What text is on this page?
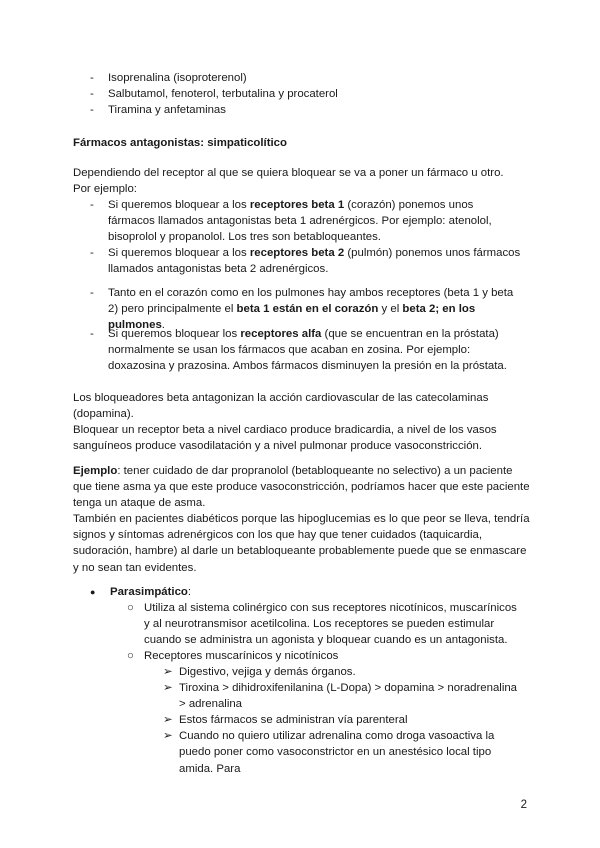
- Isoprenalina (isoproterenol)
- Salbutamol, fenoterol, terbutalina y procaterol
- Tiramina y anfetaminas

Fármacos antagonistas: simpaticolítico

Dependiendo del receptor al que se quiera bloquear se va a poner un fármaco u otro.
Por ejemplo:

- Si queremos bloquear a los receptores beta 1 (corazón) ponemos unos fármacos llamados antagonistas beta 1 adrenérgicos. Por ejemplo: atenolol, bisoprolol y propanolol. Los tres son betabloqueantes.
- Si queremos bloquear a los receptores beta 2 (pulmón) ponemos unos fármacos llamados antagonistas beta 2 adrenérgicos.
- Tanto en el corazón como en los pulmones hay ambos receptores (beta 1 y beta 2) pero principalmente el beta 1 están en el corazón y el beta 2; en los pulmones.
- Si queremos bloquear los receptores alfa (que se encuentran en la próstata) normalmente se usan los fármacos que acaban en zosina. Por ejemplo: doxazosina y prazosina. Ambos fármacos disminuyen la presión en la próstata.

Los bloqueadores beta antagonizan la acción cardiovascular de las catecolaminas (dopamina).
Bloquear un receptor beta a nivel cardiaco produce bradicardia, a nivel de los vasos sanguíneos produce vasodilatación y a nivel pulmonar produce vasoconstricción.

Ejemplo: tener cuidado de dar propranolol (betabloqueante no selectivo) a un paciente que tiene asma ya que este produce vasoconstricción, podríamos hacer que este paciente tenga un ataque de asma.
También en pacientes diabéticos porque las hipoglucemias es lo que peor se lleva, tendría signos y síntomas adrenérgicos con los que hay que tener cuidados (taquicardia, sudoración, hambre) al darle un betabloqueante probablemente puede que se enmascare y no sean tan evidentes.

● Parasimpático:
○ Utiliza al sistema colinérgico con sus receptores nicotínicos, muscarínicos y al neurotransmisor acetilcolina. Los receptores se pueden estimular cuando se administra un agonista y bloquear cuando es un antagonista.
○ Receptores muscarínicos y nicotínicos
➢ Digestivo, vejiga y demás órganos.
➢ Tiroxina > dihidroxifenilanina (L-Dopa) > dopamina > noradrenalina > adrenalina
➢ Estos fármacos se administran vía parenteral
➢ Cuando no quiero utilizar adrenalina como droga vasoactiva la puedo poner como vasoconstrictor en un anestésico local tipo amida. Para
2
